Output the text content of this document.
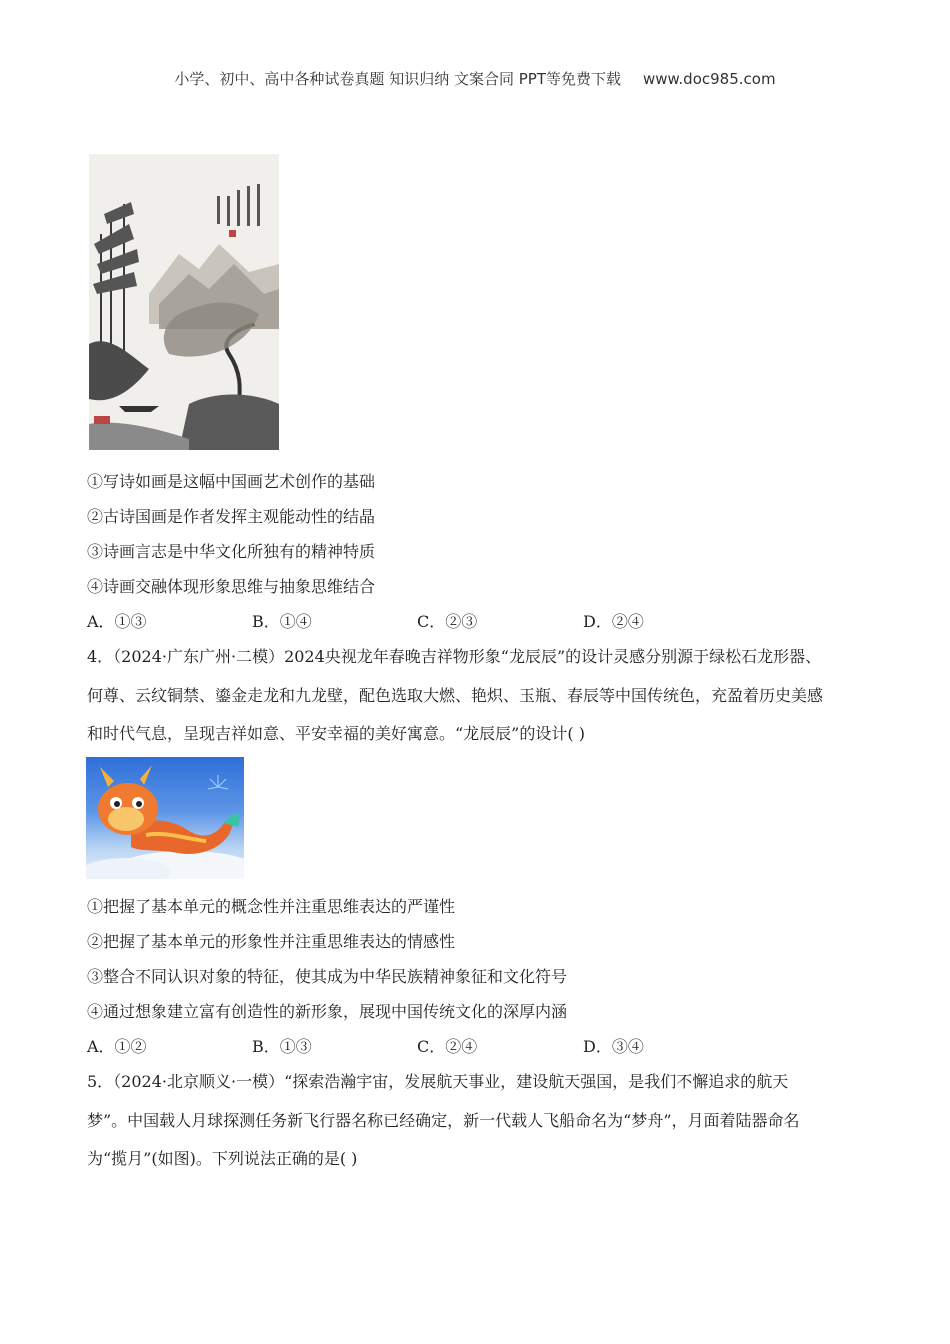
小学、初中、高中各种试卷真题 知识归纳 文案合同 PPT等免费下载 www.doc985.com
①写诗如画是这幅中国画艺术创作的基础
②古诗国画是作者发挥主观能动性的结晶
③诗画言志是中华文化所独有的精神特质
④诗画交融体现形象思维与抽象思维结合
A．①③	B．①④	C．②③	D．②④
4．（2024·广东广州·二模）2024央视龙年春晚吉祥物形象“龙辰辰”的设计灵感分别源于绿松石龙形器、
何尊、云纹铜禁、鎏金走龙和九龙壁，配色选取大燃、艳炽、玉瓶、春辰等中国传统色，充盈着历史美感
和时代气息，呈现吉祥如意、平安幸福的美好寓意。“龙辰辰”的设计( )
①把握了基本单元的概念性并注重思维表达的严谨性
②把握了基本单元的形象性并注重思维表达的情感性
③整合不同认识对象的特征，使其成为中华民族精神象征和文化符号
④通过想象建立富有创造性的新形象，展现中国传统文化的深厚内涵
A．①②	B．①③	C．②④	D．③④
5．（2024·北京顺义·一模）“探索浩瀚宇宙，发展航天事业，建设航天强国，是我们不懈追求的航天
梦”。中国载人月球探测任务新飞行器名称已经确定，新一代载人飞船命名为“梦舟”，月面着陆器命名
为“揽月”(如图)。下列说法正确的是( )
